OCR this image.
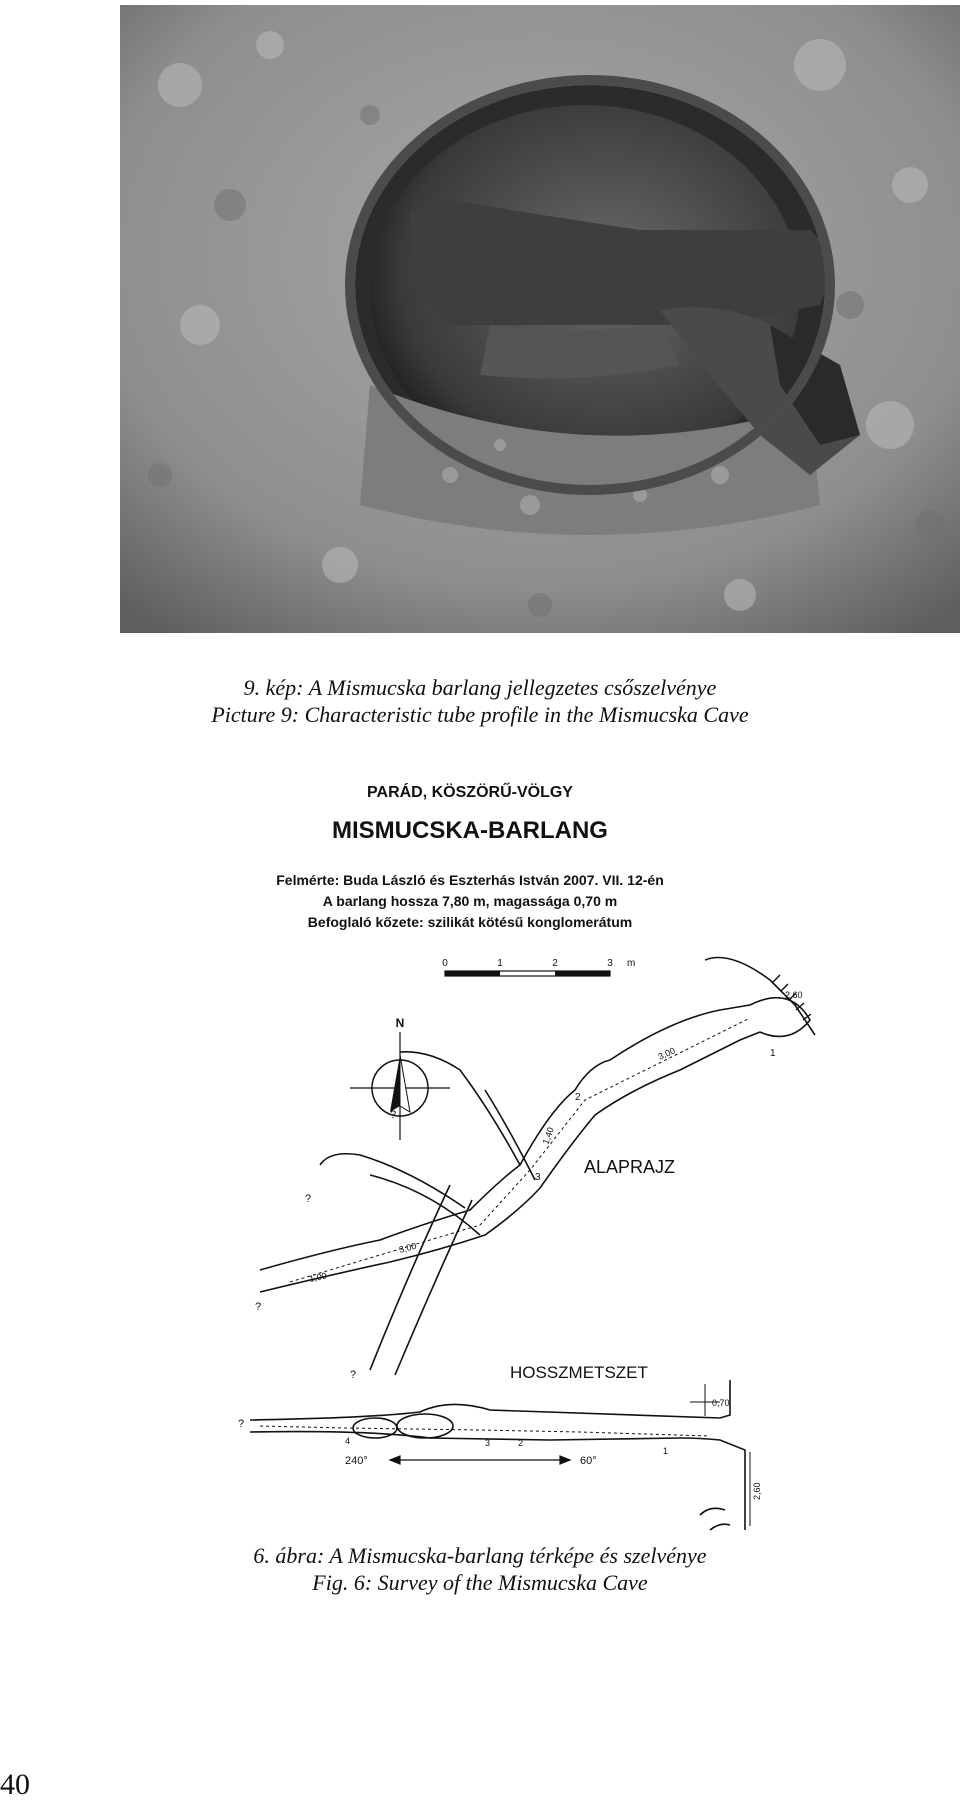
9. kép: A Mismucska barlang jellegzetes csőszelvénye
Picture 9: Characteristic tube profile in the Mismucska Cave
PARÁD, KÖSZÖRŰ-VÖLGY
MISMUCSKA-BARLANG
Felmérte: Buda László és Eszterhás István 2007. VII. 12-én
A barlang hossza 7,80 m, magassága 0,70 m
Befoglaló kőzete: szilikát kötésű konglomerátum
0	1	2	3 m
N
1
2
3
3,00
1,40
3,00
1,00
2,60
?
?
?
?
ALAPRAJZ
HOSSZMETSZET
240°	60°
1
2
3
4
0,70
2,60
?
6. ábra: A Mismucska-barlang térképe és szelvénye
Fig. 6: Survey of the Mismucska Cave
40
